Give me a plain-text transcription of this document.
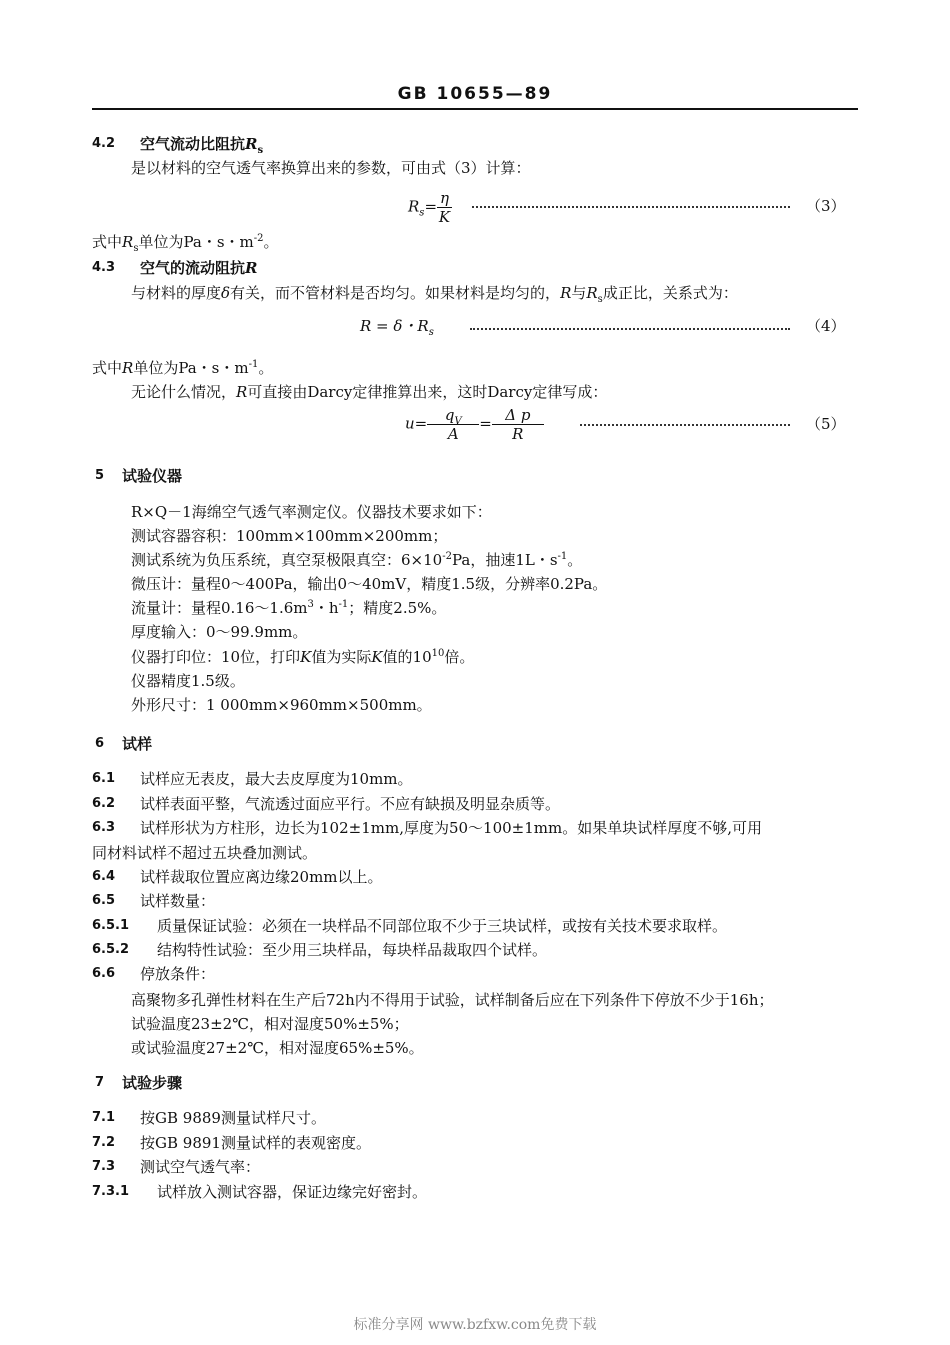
GB 10655—89
4.2 空气流动比阻抗$R_s$
是以材料的空气透气率换算出来的参数，可由式（3）计算：
$R_s= \frac{\eta}{K}$	（3）
式中$R_s$单位为Pa・s・$m^{-2}$。
4.3 空气的流动阻抗R
与材料的厚度δ有关，而不管材料是否均匀。如果材料是均匀的，R与$R_s$成正比，关系式为：
R = δ・$R_s$	（4）
式中R单位为Pa・s・$m^{-1}$。
无论什么情况，R可直接由Darcy定律推算出来，这时Darcy定律写成：
$u= \frac{q_V}{A} = \frac{\text{Δ p}}{R}$	（5）
5 试验仪器
R×Q－1海绵空气透气率测定仪。仪器技术要求如下：
测试容器容积：100mm×100mm×200mm；
测试系统为负压系统，真空泵极限真空：$6\times 10^{-2}Pa$，抽速1L・$s^{-1}$。
微压计：量程0～400Pa，输出0～40mV，精度1.5级，分辨率0.2Pa。
流量计：量程$0.16\sim 1.6m^3$・$h^{-1}$；精度2.5%。
厚度输入：0～99.9mm。
仪器打印位：10位，打印K值为实际K值的$10^{10}$倍。
仪器精度1.5级。
外形尺寸：1 000mm×960mm×500mm。
6 试样
6.1 试样应无表皮，最大去皮厚度为10mm。
6.2 试样表面平整，气流透过面应平行。不应有缺损及明显杂质等。
6.3 试样形状为方柱形，边长为102±1mm,厚度为50～100±1mm。如果单块试样厚度不够,可用
同材料试样不超过五块叠加测试。
6.4 试样裁取位置应离边缘20mm以上。
6.5 试样数量：
6.5.1 质量保证试验：必须在一块样品不同部位取不少于三块试样，或按有关技术要求取样。
6.5.2 结构特性试验：至少用三块样品，每块样品裁取四个试样。
6.6 停放条件：
高聚物多孔弹性材料在生产后72h内不得用于试验，试样制备后应在下列条件下停放不少于16h；
试验温度23±2℃，相对湿度50%±5%；
或试验温度27±2℃，相对湿度65%±5%。
7 试验步骤
7.1 按GB 9889测量试样尺寸。
7.2 按GB 9891测量试样的表观密度。
7.3 测试空气透气率：
7.3.1 试样放入测试容器，保证边缘完好密封。
标准分享网 www.bzfxw.com免费下载
